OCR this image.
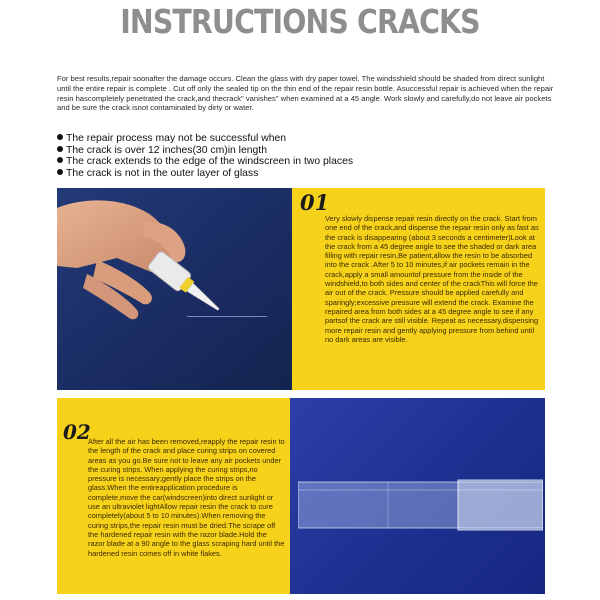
INSTRUCTIONS CRACKS

For best results,repair soonafter the damage occurs. Clean the glass with dry paper towel. The windsshield should be shaded from direct sunlight until the entire repair is complete . Cut off only the sealed tip on the thin end of the repair resin bottle. Asuccessful repair is achieved when the repair resin hascompletely penetrated the crack,and thecrack" vanishes" when examined at a 45 angle. Work slowly and carefully,do not leave air pockets and be sure the crack isnot contaminated by dirty or water.

The repair process may not be successful when
The crack is over 12 inches(30 cm)in length
The crack extends to the edge of the windscreen in two places
The crack is not in the outer layer of glass
01

Very slowly dispense repair resin directly on the crack. Start from one end of the crack,and dispense the repair resin only as fast as the crack is disappearing (about 3 seconds a centimeter)Look at the crack from a 45 degree angle to see the shaded or dark area filling with repair resin,Be patient,allow the resin to be absorbed into the crack .After 5 to 10 minutes,if air pockets remain in the crack,apply a small amountof pressure from the inside of the windshield,to both sides and center of the crackThis will force the air out of the crack. Pressure should be applied carefully and sparingly;excessive pressure will extend the crack. Examine the repaired area from both sides at a 45 degree angle to see if any partsof the crack are still visible. Repeat as necessary,dispensing more repair resin and gently applying pressure from behind until no dark areas are visible.

02

After all the air has been removed,reapply the repair resin to the length of the crack and place curing strips on covered areas as you go.Be sure not to leave any air pockets under the curing strips. When applying the curing strips,no pressure is necessary;gently place the strips on the glass.When the entireapplication procedure is complete,move the car(windscreen)into direct sunlight or use an ultraviolet lightAllow repair resin the crack to cure completely(about 5 to 10 minutes).When removing the curing strips,the repair resin must be dried.The scrape off the hardened repair resin with the razor blade.Hold the razor blade at a 90 angle to the glass scraping hard until the hardened resin comes off in white flakes.
